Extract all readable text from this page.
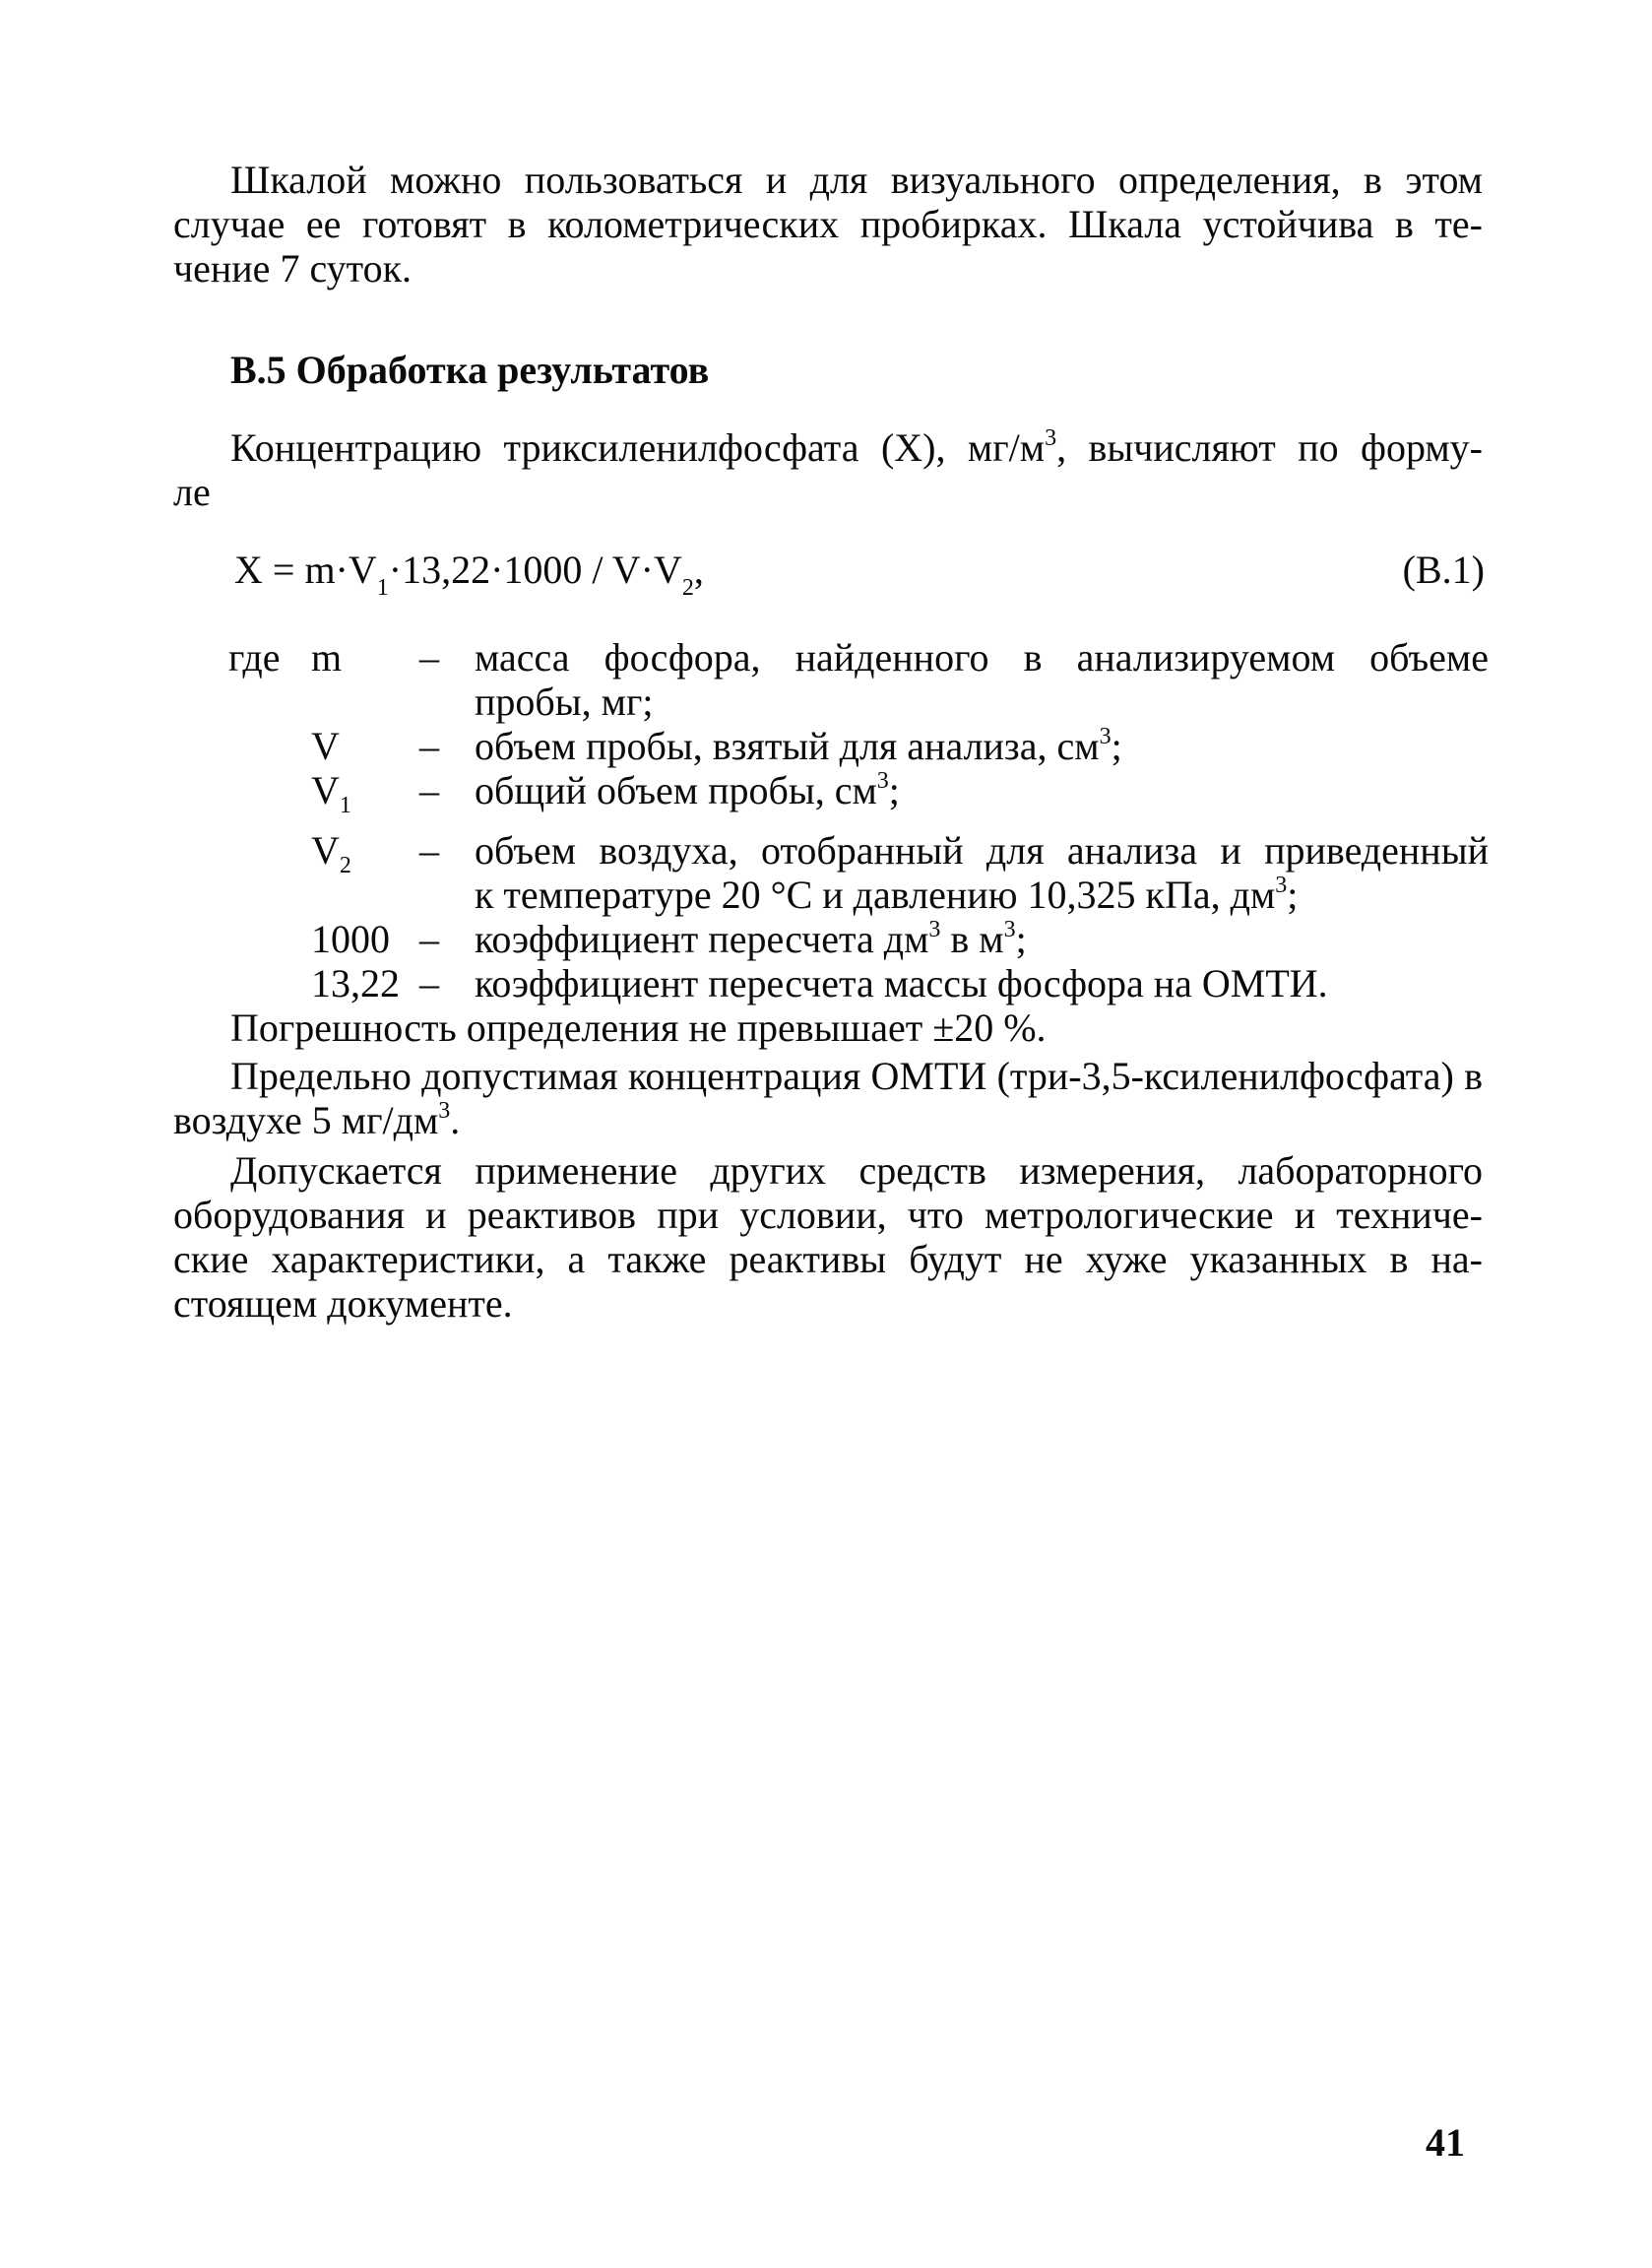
Шкалой можно пользоваться и для визуального определения, в этом
случае ее готовят в колометрических пробирках. Шкала устойчива в те-
чение 7 суток.
В.5 Обработка результатов
Концентрацию триксиленилфосфата (Х), $мг/м^3$, вычисляют по форму-
ле
$X = m\cdot V_1\cdot 13,22\cdot 1000 / V\cdot V_2$,	(В.1)
где m	– масса фосфора, найденного в анализируемом объеме
пробы, мг;
V	– объем пробы, взятый для анализа, $см^3$;
$V_1$	– общий объем пробы, $см^3$;
$V_2$	– объем воздуха, отобранный для анализа и приведенный
к температуре 20 °С и давлению 10,325 кПа, $дм^3$;
1000 – коэффициент пересчета $дм^3$ в $м^3$;
13,22 – коэффициент пересчета массы фосфора на ОМТИ.
Погрешность определения не превышает ±20 %.
Предельно допустимая концентрация ОМТИ (три-3,5-ксиленилфосфата) в
воздухе 5 $мг/дм^3$.
Допускается применение других средств измерения, лабораторного
оборудования и реактивов при условии, что метрологические и техниче-
ские характеристики, а также реактивы будут не хуже указанных в на-
стоящем документе.
41
